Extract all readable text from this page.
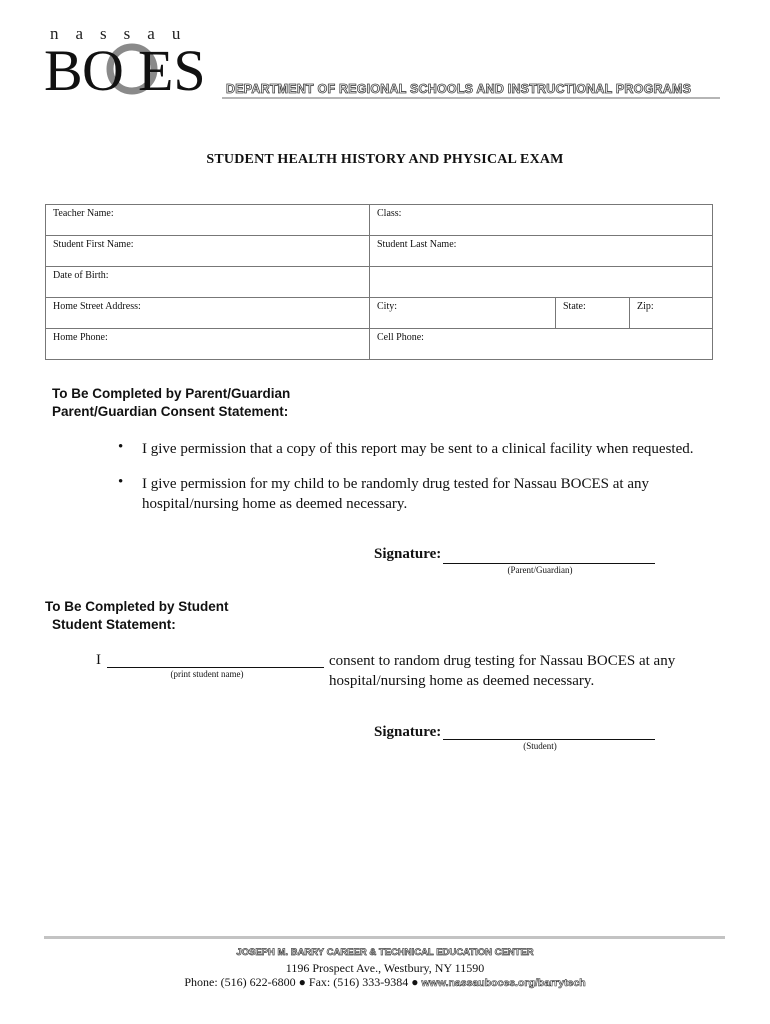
nassau
B O ES DEPARTMENT OF REGIONAL SCHOOLS AND INSTRUCTIONAL PROGRAMS
STUDENT HEALTH HISTORY AND PHYSICAL EXAM
Teacher Name:	Class:		
Student First Name:	Student Last Name:		
Date of Birth:			
Home Street Address:	City:	State:	Zip:
Home Phone:	Cell Phone:		
To Be Completed by Parent/Guardian
Parent/Guardian Consent Statement:
• I give permission that a copy of this report may be sent to a clinical facility when requested.
• I give permission for my child to be randomly drug tested for Nassau BOCES at any hospital/nursing home as deemed necessary.
Signature:
(Parent/Guardian)
To Be Completed by Student
Student Statement:
I
(print student name)
consent to random drug testing for Nassau BOCES at any hospital/nursing home as deemed necessary.
Signature:
(Student)
JOSEPH M. BARRY CAREER & TECHNICAL EDUCATION CENTER
1196 Prospect Ave., Westbury, NY 11590
Phone: (516) 622-6800 ● Fax: (516) 333-9384 ● www.nassauboces.org/barrytech
